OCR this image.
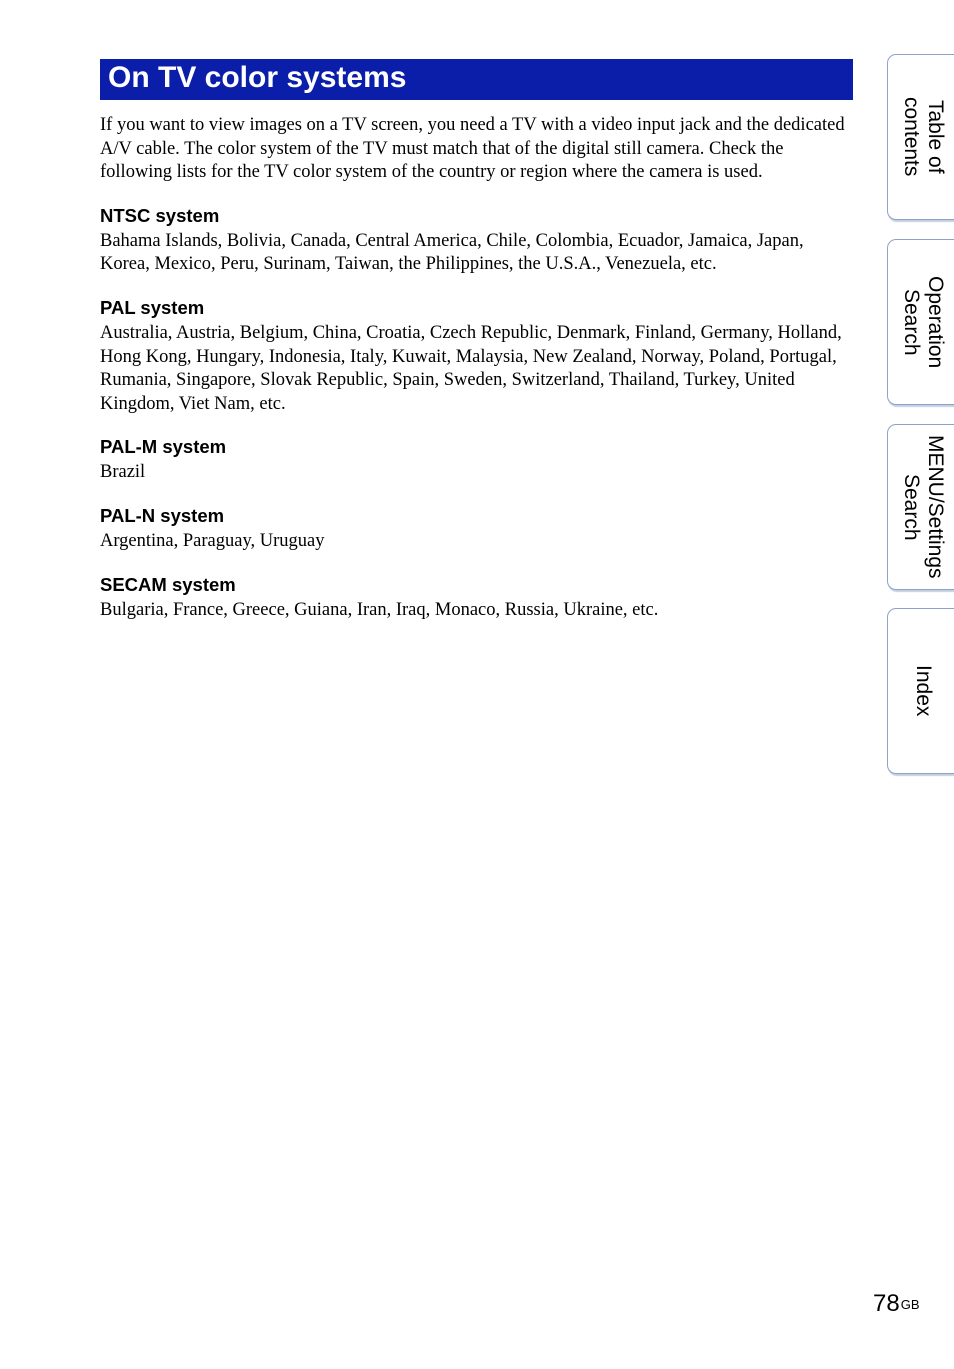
On TV color systems

If you want to view images on a TV screen, you need a TV with a video input jack and the dedicated A/V cable. The color system of the TV must match that of the digital still camera. Check the following lists for the TV color system of the country or region where the camera is used.

NTSC system

Bahama Islands, Bolivia, Canada, Central America, Chile, Colombia, Ecuador, Jamaica, Japan, Korea, Mexico, Peru, Surinam, Taiwan, the Philippines, the U.S.A., Venezuela, etc.

PAL system

Australia, Austria, Belgium, China, Croatia, Czech Republic, Denmark, Finland, Germany, Holland, Hong Kong, Hungary, Indonesia, Italy, Kuwait, Malaysia, New Zealand, Norway, Poland, Portugal, Rumania, Singapore, Slovak Republic, Spain, Sweden, Switzerland, Thailand, Turkey, United Kingdom, Viet Nam, etc.

PAL-M system

Brazil

PAL-N system

Argentina, Paraguay, Uruguay

SECAM system

Bulgaria, France, Greece, Guiana, Iran, Iraq, Monaco, Russia, Ukraine, etc.

Table of
contents
Operation
Search
MENU/Settings
Search
Index
$78^{GB}$
